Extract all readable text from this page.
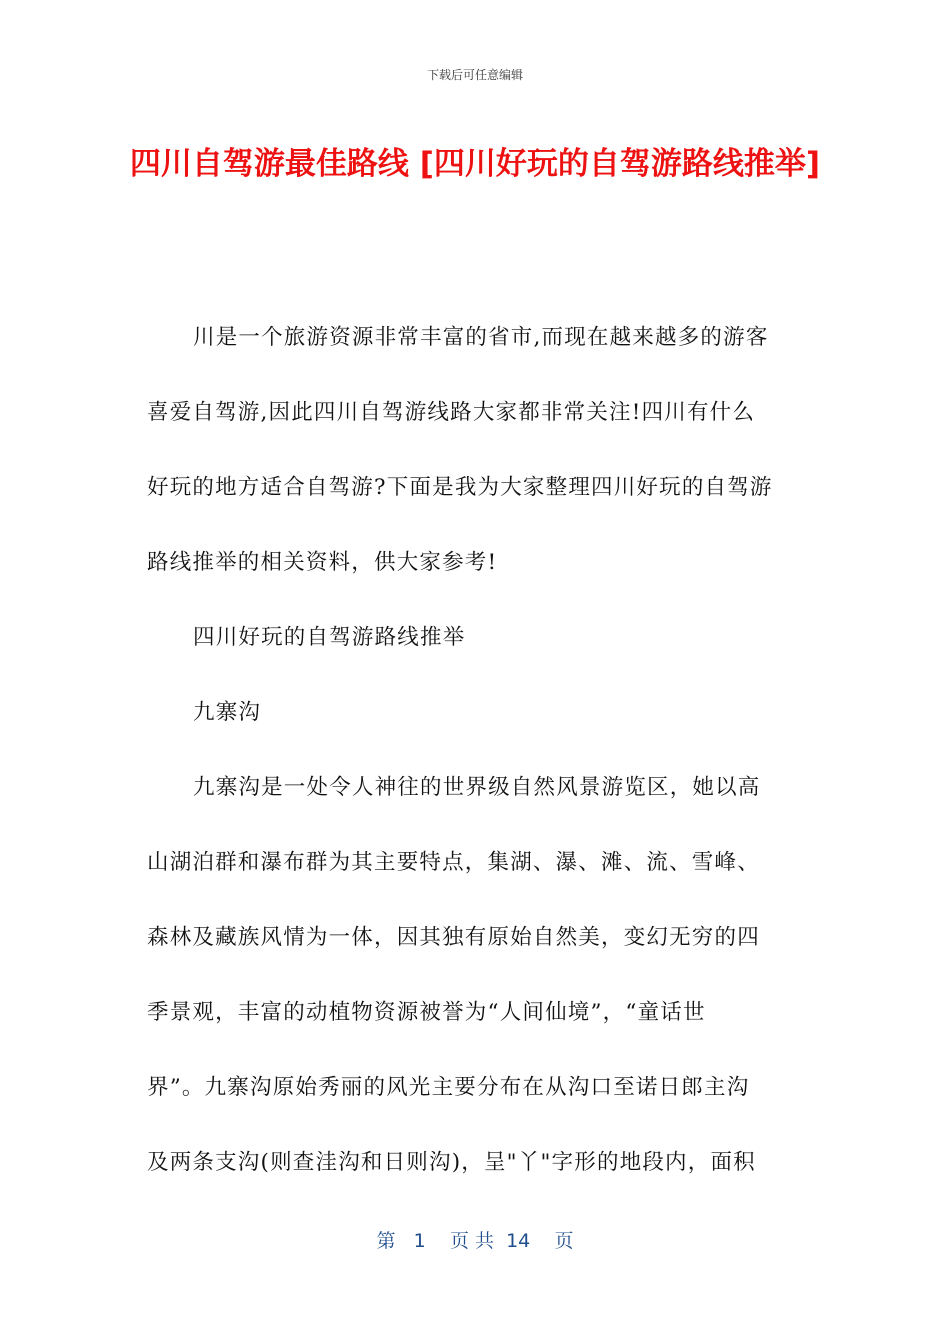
下载后可任意编辑
四川自驾游最佳路线 [四川好玩的自驾游路线推举]
川是一个旅游资源非常丰富的省市,而现在越来越多的游客
喜爱自驾游,因此四川自驾游线路大家都非常关注!四川有什么
好玩的地方适合自驾游?下面是我为大家整理四川好玩的自驾游
路线推举的相关资料，供大家参考!
四川好玩的自驾游路线推举
九寨沟
九寨沟是一处令人神往的世界级自然风景游览区，她以高
山湖泊群和瀑布群为其主要特点，集湖、瀑、滩、流、雪峰、
森林及藏族风情为一体，因其独有原始自然美，变幻无穷的四
季景观，丰富的动植物资源被誉为“人间仙境”，“童话世
界”。九寨沟原始秀丽的风光主要分布在从沟口至诺日郎主沟
及两条支沟(则查洼沟和日则沟)，呈"丫"字形的地段内，面积
第 1 页 共 14 页
